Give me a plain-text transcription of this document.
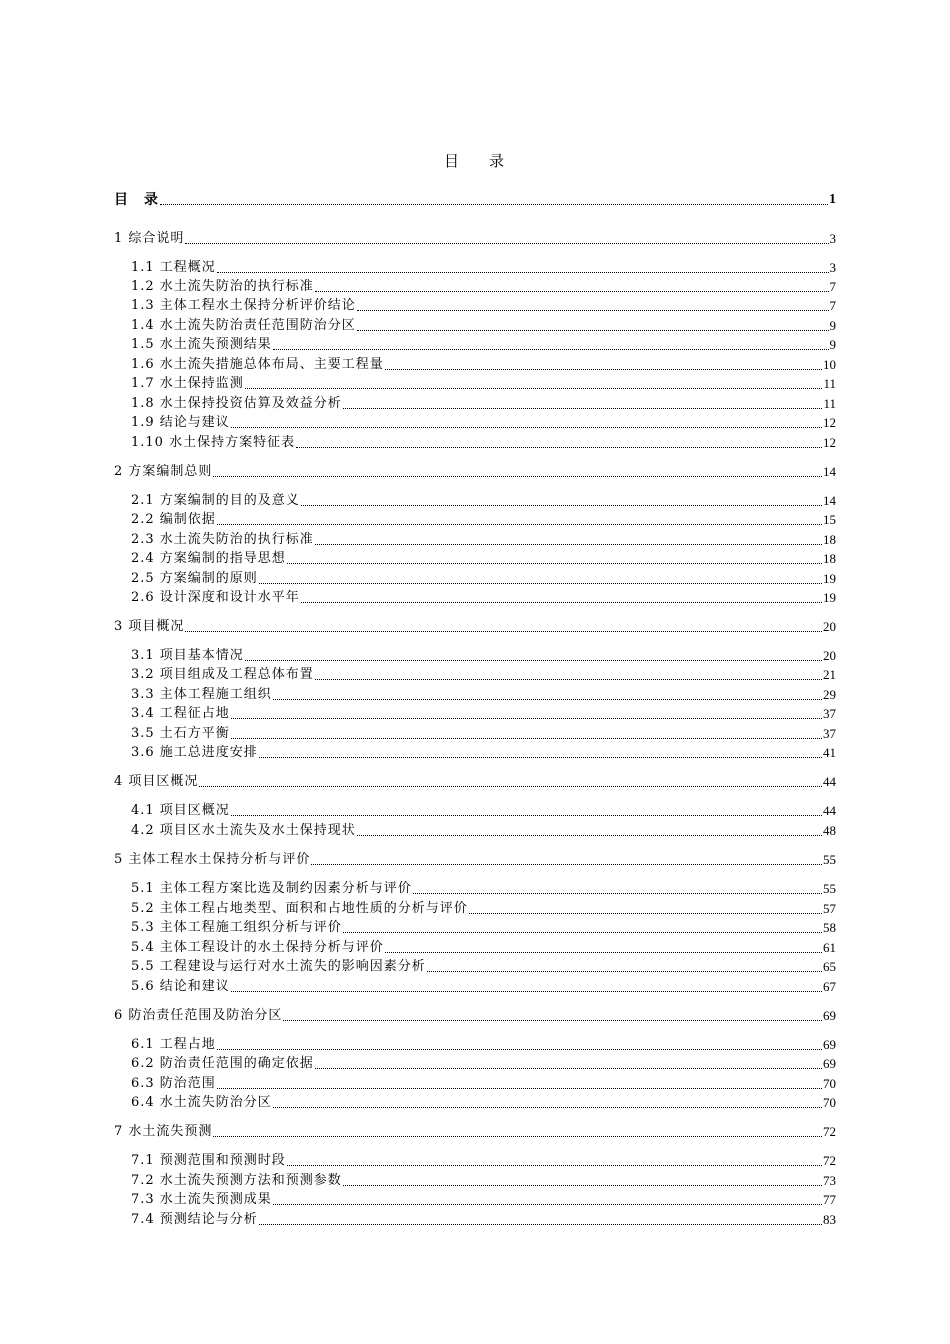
目 录
目　录	1
1 综合说明	3
1.1 工程概况	3
1.2 水土流失防治的执行标准	7
1.3 主体工程水土保持分析评价结论	7
1.4 水土流失防治责任范围防治分区	9
1.5 水土流失预测结果	9
1.6 水土流失措施总体布局、主要工程量	10
1.7 水土保持监测	11
1.8 水土保持投资估算及效益分析	11
1.9 结论与建议	12
1.10 水土保持方案特征表	12
2 方案编制总则	14
2.1 方案编制的目的及意义	14
2.2 编制依据	15
2.3 水土流失防治的执行标准	18
2.4 方案编制的指导思想	18
2.5 方案编制的原则	19
2.6 设计深度和设计水平年	19
3 项目概况	20
3.1 项目基本情况	20
3.2 项目组成及工程总体布置	21
3.3 主体工程施工组织	29
3.4 工程征占地	37
3.5 土石方平衡	37
3.6 施工总进度安排	41
4 项目区概况	44
4.1 项目区概况	44
4.2 项目区水土流失及水土保持现状	48
5 主体工程水土保持分析与评价	55
5.1 主体工程方案比选及制约因素分析与评价	55
5.2 主体工程占地类型、面积和占地性质的分析与评价	57
5.3 主体工程施工组织分析与评价	58
5.4 主体工程设计的水土保持分析与评价	61
5.5 工程建设与运行对水土流失的影响因素分析	65
5.6 结论和建议	67
6 防治责任范围及防治分区	69
6.1 工程占地	69
6.2 防治责任范围的确定依据	69
6.3 防治范围	70
6.4 水土流失防治分区	70
7 水土流失预测	72
7.1 预测范围和预测时段	72
7.2 水土流失预测方法和预测参数	73
7.3 水土流失预测成果	77
7.4 预测结论与分析	83
